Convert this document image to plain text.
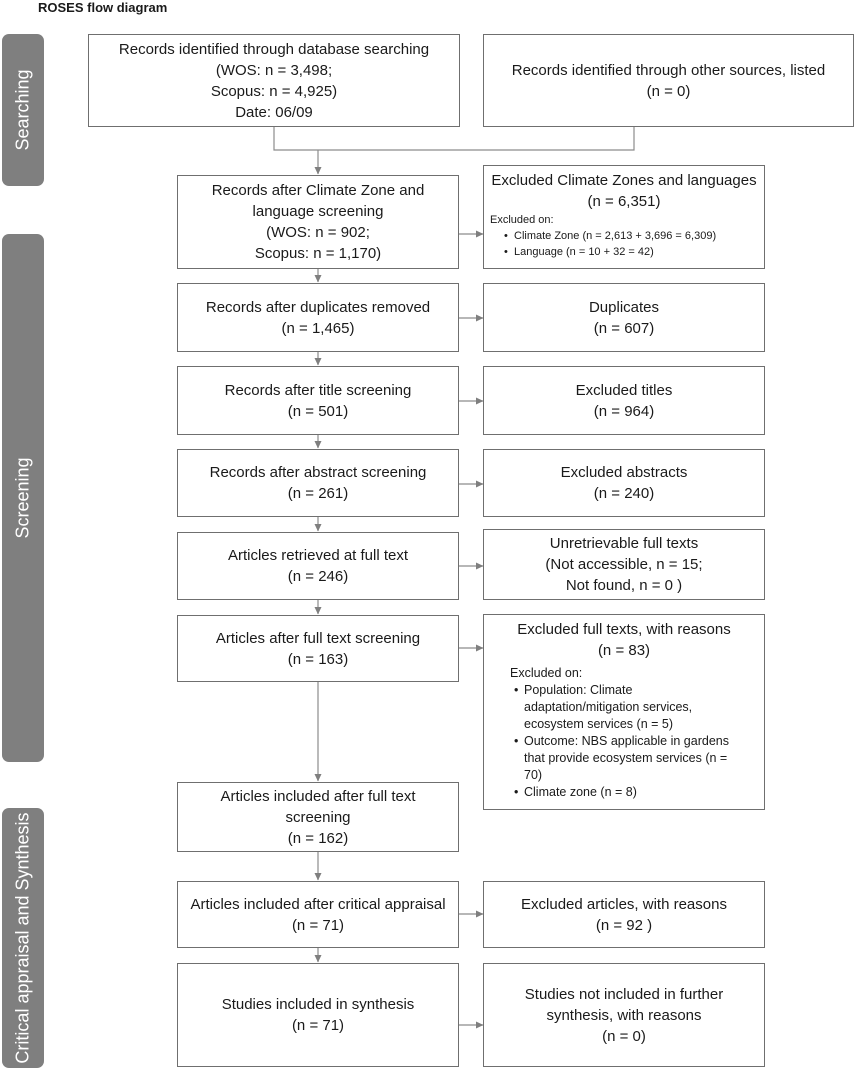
ROSES flow diagram
Searching
Screening
Critical appraisal and Synthesis
Records identified through database searching
(WOS: n = 3,498;
Scopus: n = 4,925)
Date: 06/09
Records identified through other sources, listed
(n = 0)
Records after Climate Zone and
language screening
(WOS: n = 902;
Scopus: n = 1,170)
Excluded Climate Zones and languages
(n = 6,351)
Excluded on:
• Climate Zone (n = 2,613 + 3,696 = 6,309)
• Language (n = 10 + 32 = 42)
Records after duplicates removed
(n = 1,465)
Duplicates
(n = 607)
Records after title screening
(n = 501)
Excluded titles
(n = 964)
Records after abstract screening
(n = 261)
Excluded abstracts
(n = 240)
Articles retrieved at full text
(n = 246)
Unretrievable full texts
(Not accessible, n = 15;
Not found, n = 0 )
Articles after full text screening
(n = 163)
Excluded full texts, with reasons
(n = 83)
Excluded on:
• Population: Climate
adaptation/mitigation services,
ecosystem services (n = 5)
• Outcome: NBS applicable in gardens
that provide ecosystem services (n =
70)
• Climate zone (n = 8)
Articles included after full text
screening
(n = 162)
Articles included after critical appraisal
(n = 71)
Excluded articles, with reasons
(n = 92 )
Studies included in synthesis
(n = 71)
Studies not included in further
synthesis, with reasons
(n = 0)
